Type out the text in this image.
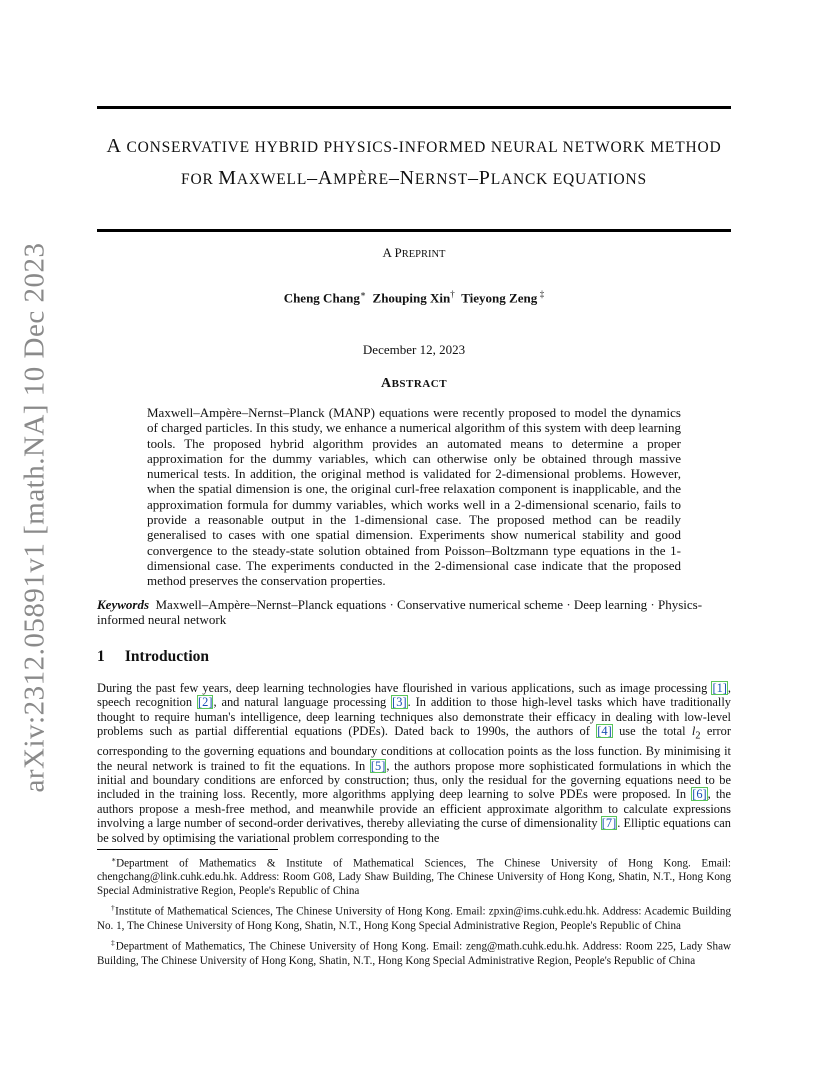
arXiv:2312.05891v1 [math.NA] 10 Dec 2023
A CONSERVATIVE HYBRID PHYSICS-INFORMED NEURAL NETWORK METHOD FOR MAXWELL–AMPÈRE–NERNST–PLANCK EQUATIONS
A PREPRINT
Cheng Chang∗ Zhouping Xin† Tieyong Zeng  ‡
December 12, 2023
ABSTRACT

Maxwell–Ampère–Nernst–Planck (MANP) equations were recently proposed to model the dynamics of charged particles. In this study, we enhance a numerical algorithm of this system with deep learning tools. The proposed hybrid algorithm provides an automated means to determine a proper approximation for the dummy variables, which can otherwise only be obtained through massive numerical tests. In addition, the original method is validated for 2-dimensional problems. However, when the spatial dimension is one, the original curl-free relaxation component is inapplicable, and the approximation formula for dummy variables, which works well in a 2-dimensional scenario, fails to provide a reasonable output in the 1-dimensional case. The proposed method can be readily generalised to cases with one spatial dimension. Experiments show numerical stability and good convergence to the steady-state solution obtained from Poisson–Boltzmann type equations in the 1-dimensional case. The experiments conducted in the 2-dimensional case indicate that the proposed method preserves the conservation properties.

Keywords Maxwell–Ampère–Nernst–Planck equations · Conservative numerical scheme · Deep learning · Physics-informed neural network

1 Introduction

During the past few years, deep learning technologies have flourished in various applications, such as image processing [1], speech recognition [2], and natural language processing [3]. In addition to those high-level tasks which have traditionally thought to require human's intelligence, deep learning techniques also demonstrate their efficacy in dealing with low-level problems such as partial differential equations (PDEs). Dated back to 1990s, the authors of [4] use the total $l_2$ error corresponding to the governing equations and boundary conditions at collocation points as the loss function. By minimising it the neural network is trained to fit the equations. In [5], the authors propose more sophisticated formulations in which the initial and boundary conditions are enforced by construction; thus, only the residual for the governing equations need to be included in the training loss. Recently, more algorithms applying deep learning to solve PDEs were proposed. In [6], the authors propose a mesh-free method, and meanwhile provide an efficient approximate algorithm to calculate expressions involving a large number of second-order derivatives, thereby alleviating the curse of dimensionality [7]. Elliptic equations can be solved by optimising the variational problem corresponding to the

∗Department of Mathematics & Institute of Mathematical Sciences, The Chinese University of Hong Kong. Email: chengchang@link.cuhk.edu.hk. Address: Room G08, Lady Shaw Building, The Chinese University of Hong Kong, Shatin, N.T., Hong Kong Special Administrative Region, People's Republic of China

†Institute of Mathematical Sciences, The Chinese University of Hong Kong. Email: zpxin@ims.cuhk.edu.hk. Address: Academic Building No. 1, The Chinese University of Hong Kong, Shatin, N.T., Hong Kong Special Administrative Region, People's Republic of China

‡Department of Mathematics, The Chinese University of Hong Kong. Email: zeng@math.cuhk.edu.hk. Address: Room 225, Lady Shaw Building, The Chinese University of Hong Kong, Shatin, N.T., Hong Kong Special Administrative Region, People's Republic of China
